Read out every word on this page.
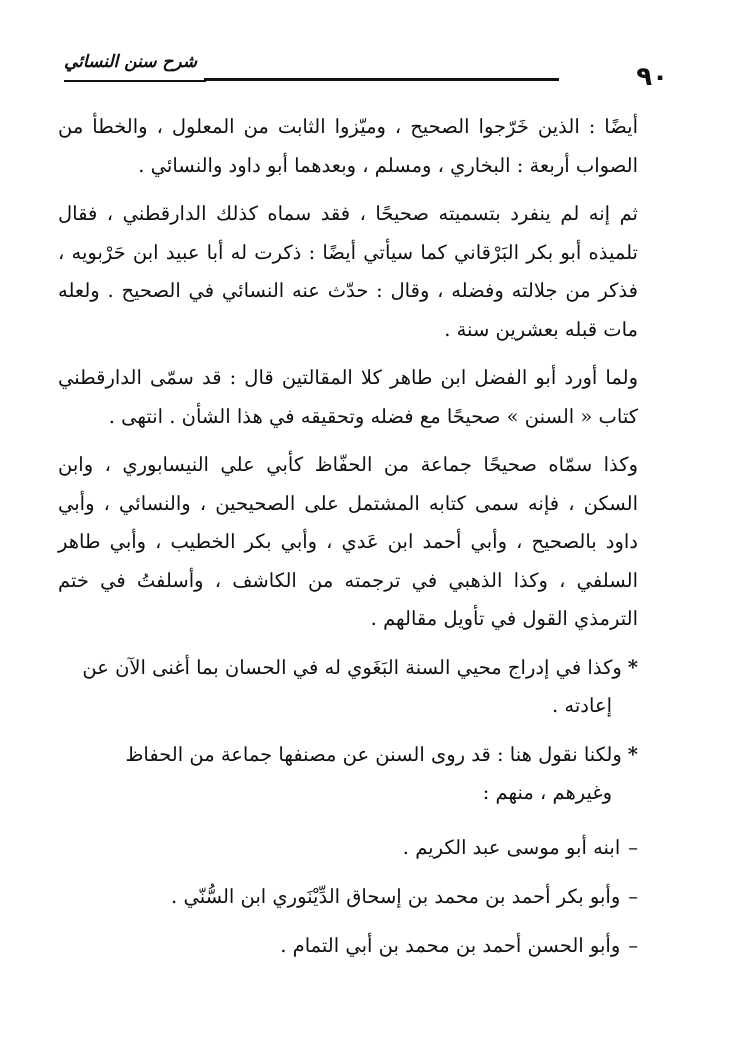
شرح سنن النسائي	٩٠

أيضًا : الذين خَرّجوا الصحيح ، وميّزوا الثابت من المعلول ، والخطأ من الصواب أربعة : البخاري ، ومسلم ، وبعدهما أبو داود والنسائي .

ثم إنه لم ينفرد بتسميته صحيحًا ، فقد سماه كذلك الدارقطني ، فقال تلميذه أبو بكر البَرْقاني كما سيأتي أيضًا : ذكرت له أبا عبيد ابن حَرْبويه ، فذكر من جلالته وفضله ، وقال : حدّث عنه النسائي في الصحيح . ولعله مات قبله بعشرين سنة .

ولما أورد أبو الفضل ابن طاهر كلا المقالتين قال : قد سمّى الدارقطني كتاب « السنن » صحيحًا مع فضله وتحقيقه في هذا الشأن . انتهى .

وكذا سمّاه صحيحًا جماعة من الحفّاظ كأبي علي النيسابوري ، وابن السكن ، فإنه سمى كتابه المشتمل على الصحيحين ، والنسائي ، وأبي داود بالصحيح ، وأبي أحمد ابن عَدي ، وأبي بكر الخطيب ، وأبي طاهر السلفي ، وكذا الذهبي في ترجمته من الكاشف ، وأسلفتُ في ختم الترمذي القول في تأويل مقالهم .

*وكذا في إدراج محيي السنة البَغَوي له في الحسان بما أغنى الآن عن
إعادته .
*ولكنا نقول هنا : قد روى السنن عن مصنفها جماعة من الحفاظ
وغيرهم ، منهم :
–ابنه أبو موسى عبد الكريم .
–وأبو بكر أحمد بن محمد بن إسحاق الدِّيْنَوري ابن السُّنّي .
–وأبو الحسن أحمد بن محمد بن أبي التمام .
